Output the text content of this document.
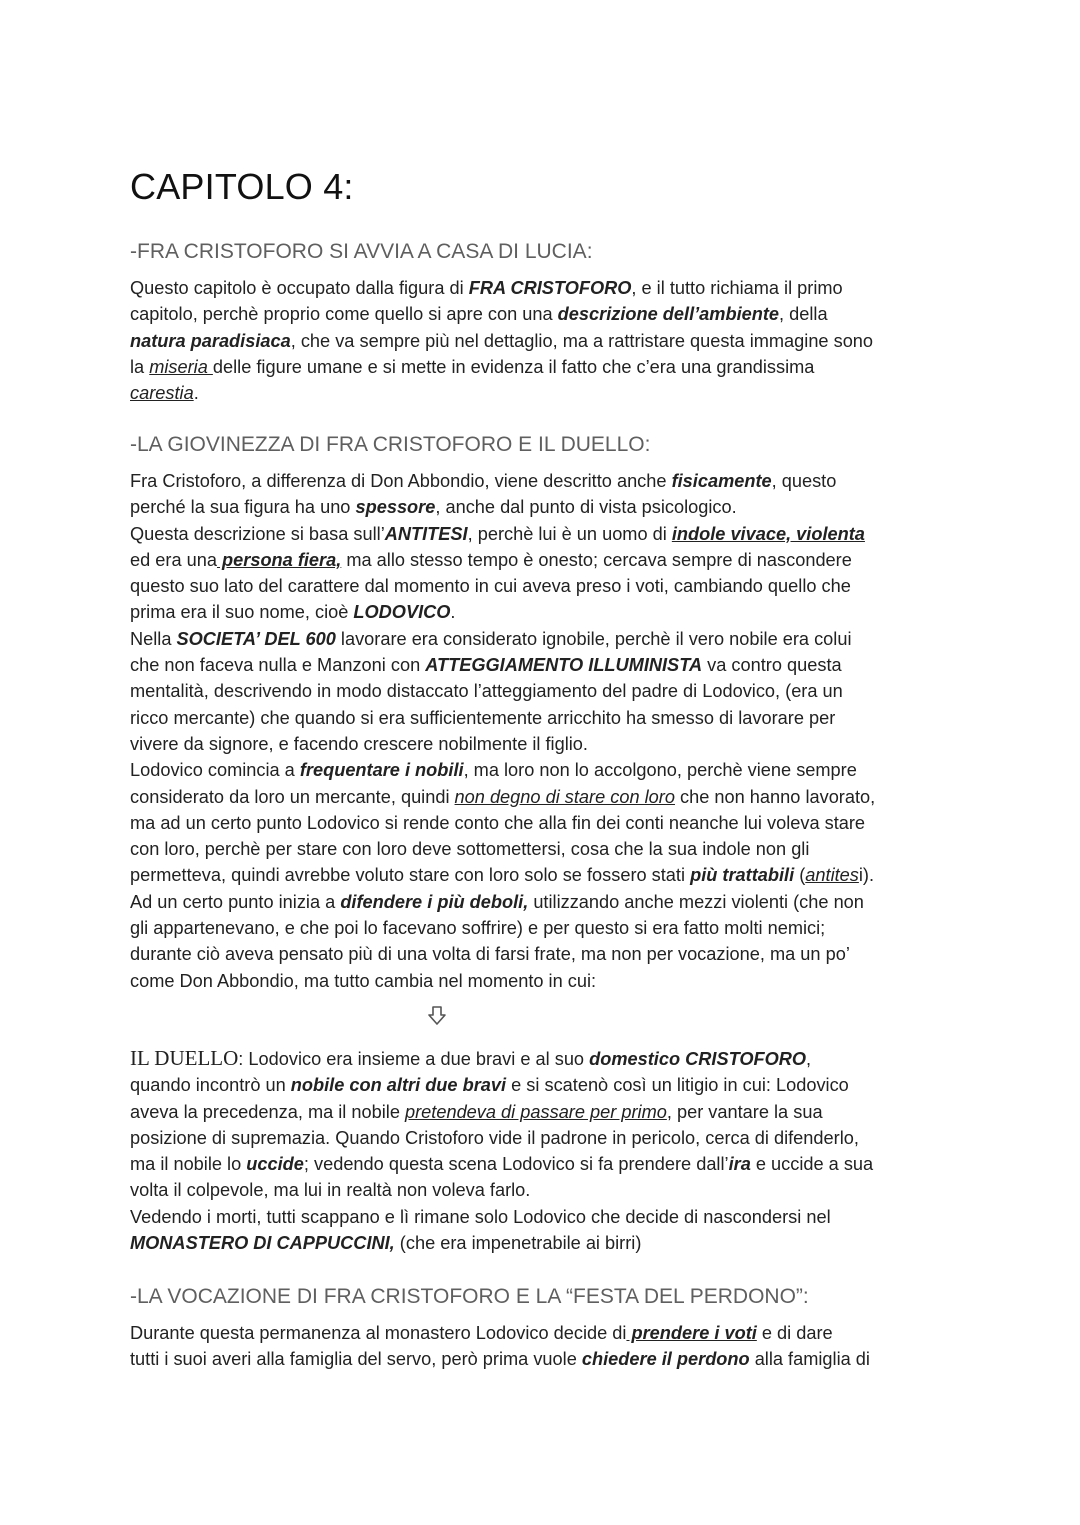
CAPITOLO 4:
-FRA CRISTOFORO SI AVVIA A CASA DI LUCIA:

Questo capitolo è occupato dalla figura di FRA CRISTOFORO, e il tutto richiama il primo
capitolo, perchè proprio come quello si apre con una descrizione dell’ambiente, della
natura paradisiaca, che va sempre più nel dettaglio, ma a rattristare questa immagine sono
la miseria delle figure umane e si mette in evidenza il fatto che c’era una grandissima
carestia.

-LA GIOVINEZZA DI FRA CRISTOFORO E IL DUELLO:

Fra Cristoforo, a differenza di Don Abbondio, viene descritto anche fisicamente, questo
perché la sua figura ha uno spessore, anche dal punto di vista psicologico.
Questa descrizione si basa sull’ANTITESI, perchè lui è un uomo di indole vivace, violenta
ed era una persona fiera, ma allo stesso tempo è onesto; cercava sempre di nascondere
questo suo lato del carattere dal momento in cui aveva preso i voti, cambiando quello che
prima era il suo nome, cioè LODOVICO.
Nella SOCIETA’ DEL 600 lavorare era considerato ignobile, perchè il vero nobile era colui
che non faceva nulla e Manzoni con ATTEGGIAMENTO ILLUMINISTA va contro questa
mentalità, descrivendo in modo distaccato l’atteggiamento del padre di Lodovico, (era un
ricco mercante) che quando si era sufficientemente arricchito ha smesso di lavorare per
vivere da signore, e facendo crescere nobilmente il figlio.
Lodovico comincia a frequentare i nobili, ma loro non lo accolgono, perchè viene sempre
considerato da loro un mercante, quindi non degno di stare con loro che non hanno lavorato,
ma ad un certo punto Lodovico si rende conto che alla fin dei conti neanche lui voleva stare
con loro, perchè per stare con loro deve sottomettersi, cosa che la sua indole non gli
permetteva, quindi avrebbe voluto stare con loro solo se fossero stati più trattabili (antitesi).
Ad un certo punto inizia a difendere i più deboli, utilizzando anche mezzi violenti (che non
gli appartenevano, e che poi lo facevano soffrire) e per questo si era fatto molti nemici;
durante ciò aveva pensato più di una volta di farsi frate, ma non per vocazione, ma un po’
come Don Abbondio, ma tutto cambia nel momento in cui:

IL DUELLO: Lodovico era insieme a due bravi e al suo domestico CRISTOFORO,
quando incontrò un nobile con altri due bravi e si scatenò così un litigio in cui: Lodovico
aveva la precedenza, ma il nobile pretendeva di passare per primo, per vantare la sua
posizione di supremazia. Quando Cristoforo vide il padrone in pericolo, cerca di difenderlo,
ma il nobile lo uccide; vedendo questa scena Lodovico si fa prendere dall’ira e uccide a sua
volta il colpevole, ma lui in realtà non voleva farlo.
Vedendo i morti, tutti scappano e lì rimane solo Lodovico che decide di nascondersi nel
MONASTERO DI CAPPUCCINI, (che era impenetrabile ai birri)

-LA VOCAZIONE DI FRA CRISTOFORO E LA “FESTA DEL PERDONO”:

Durante questa permanenza al monastero Lodovico decide di prendere i voti e di dare
tutti i suoi averi alla famiglia del servo, però prima vuole chiedere il perdono alla famiglia di
